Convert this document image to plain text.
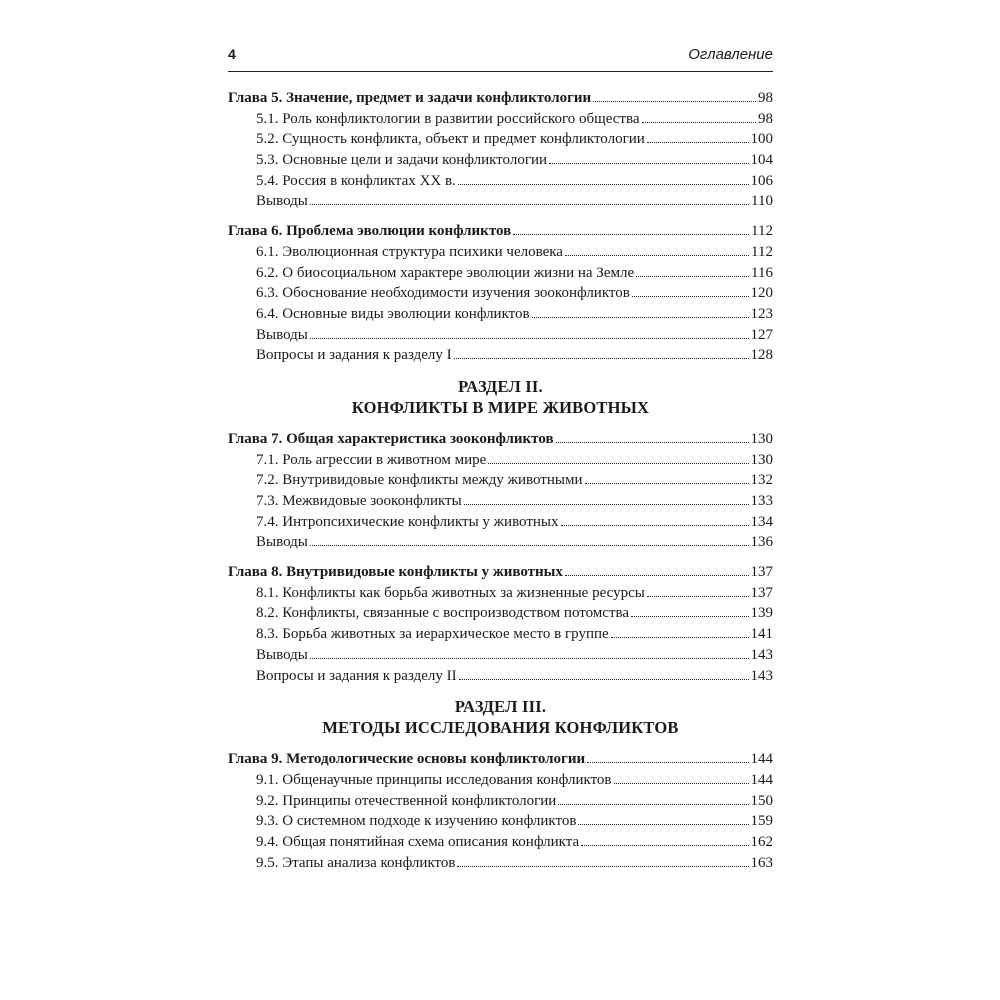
4	Оглавление
Глава 5. Значение, предмет и задачи конфликтологии	98
5.1. Роль конфликтологии в развитии российского общества	98
5.2. Сущность конфликта, объект и предмет конфликтологии	100
5.3. Основные цели и задачи конфликтологии	104
5.4. Россия в конфликтах XX в.	106
Выводы	110
Глава 6. Проблема эволюции конфликтов	112
6.1. Эволюционная структура психики человека	112
6.2. О биосоциальном характере эволюции жизни на Земле	116
6.3. Обоснование необходимости изучения зооконфликтов	120
6.4. Основные виды эволюции конфликтов	123
Выводы	127
Вопросы и задания к разделу I	128
РАЗДЕЛ II.
КОНФЛИКТЫ В МИРЕ ЖИВОТНЫХ
Глава 7. Общая характеристика зооконфликтов	130
7.1. Роль агрессии в животном мире	130
7.2. Внутривидовые конфликты между животными	132
7.3. Межвидовые зооконфликты	133
7.4. Интропсихические конфликты у животных	134
Выводы	136
Глава 8. Внутривидовые конфликты у животных	137
8.1. Конфликты как борьба животных за жизненные ресурсы	137
8.2. Конфликты, связанные с воспроизводством потомства	139
8.3. Борьба животных за иерархическое место в группе	141
Выводы	143
Вопросы и задания к разделу II	143
РАЗДЕЛ III.
МЕТОДЫ ИССЛЕДОВАНИЯ КОНФЛИКТОВ
Глава 9. Методологические основы конфликтологии	144
9.1. Общенаучные принципы исследования конфликтов	144
9.2. Принципы отечественной конфликтологии	150
9.3. О системном подходе к изучению конфликтов	159
9.4. Общая понятийная схема описания конфликта	162
9.5. Этапы анализа конфликтов	163
